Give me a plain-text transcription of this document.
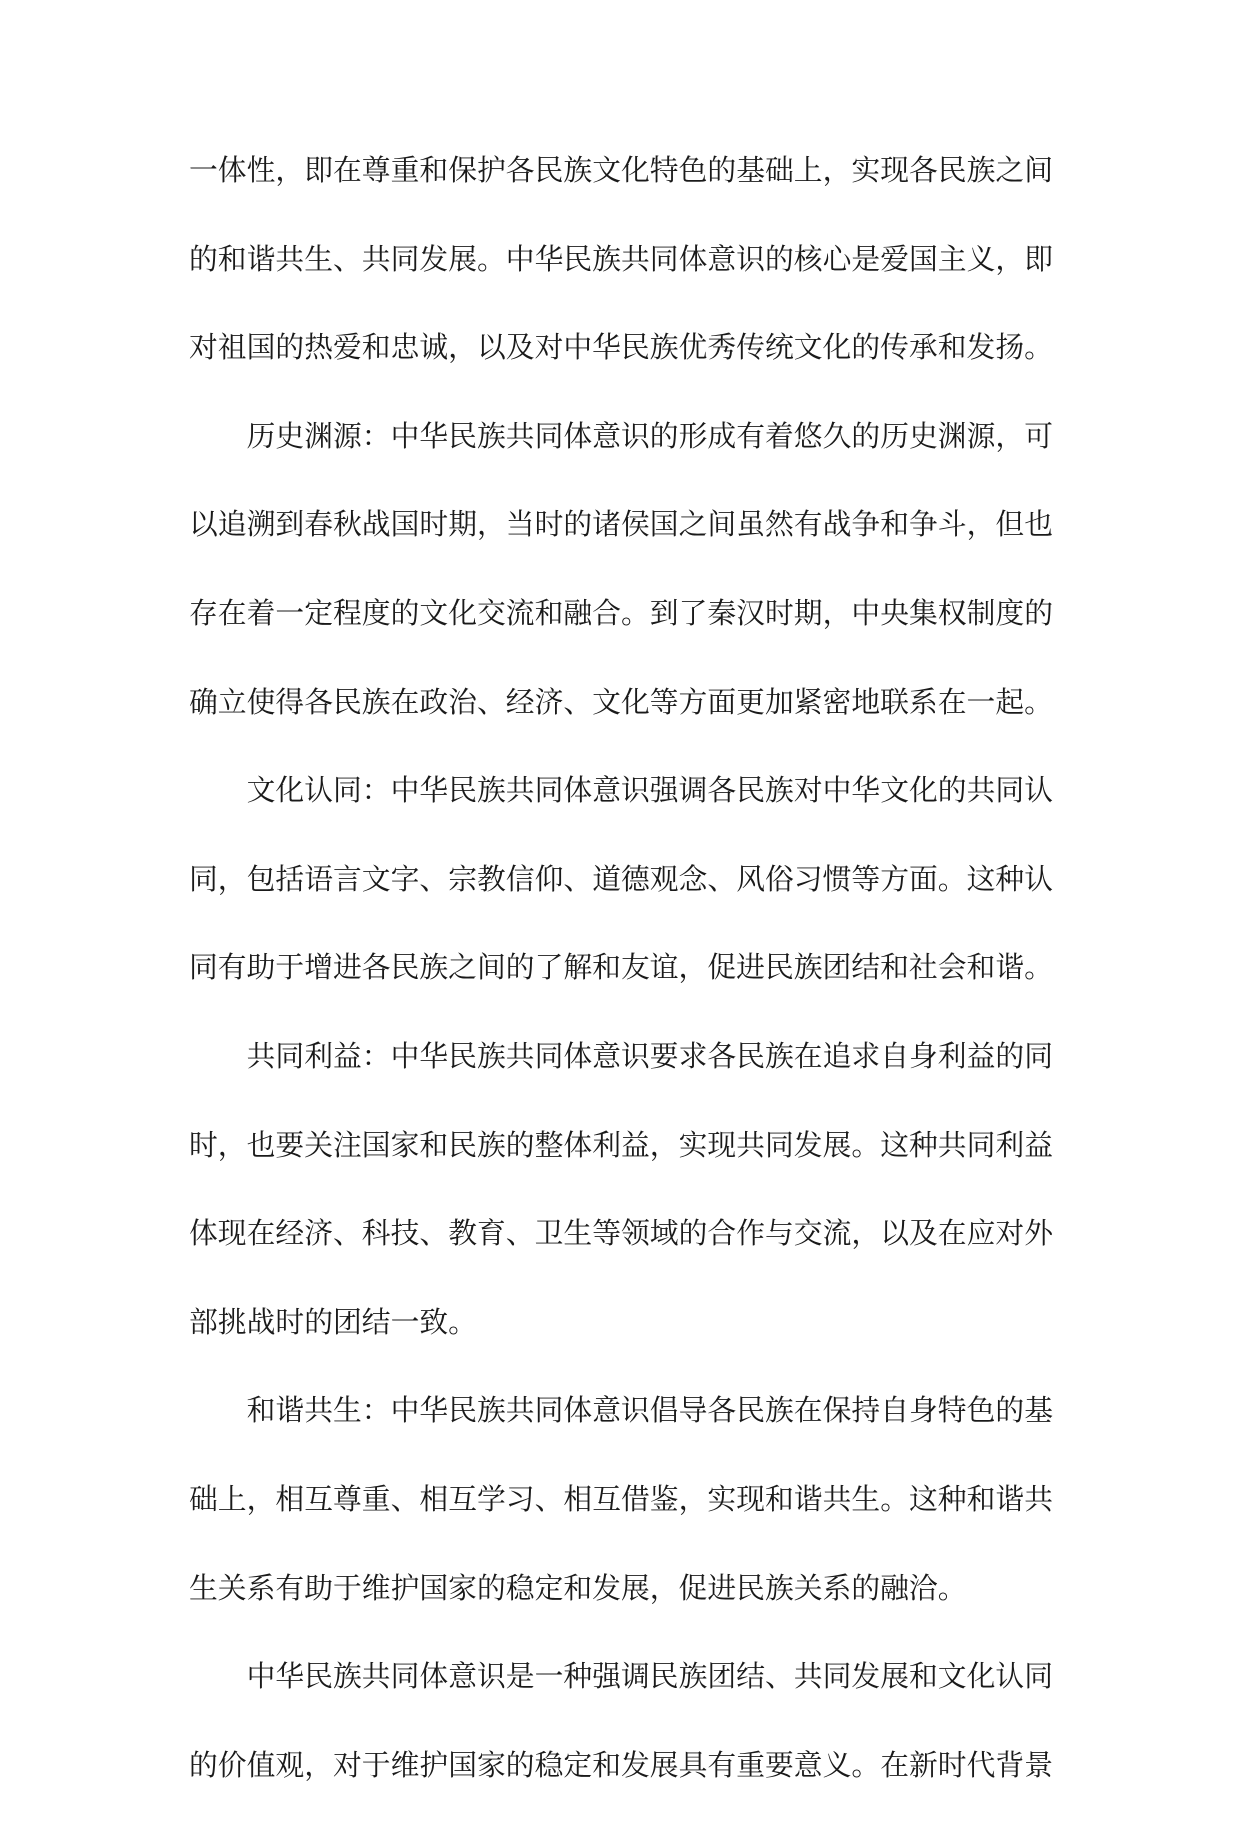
一体性，即在尊重和保护各民族文化特色的基础上，实现各民族之间
的和谐共生、共同发展。中华民族共同体意识的核心是爱国主义，即
对祖国的热爱和忠诚，以及对中华民族优秀传统文化的传承和发扬。
历史渊源：中华民族共同体意识的形成有着悠久的历史渊源，可
以追溯到春秋战国时期，当时的诸侯国之间虽然有战争和争斗，但也
存在着一定程度的文化交流和融合。到了秦汉时期，中央集权制度的
确立使得各民族在政治、经济、文化等方面更加紧密地联系在一起。
文化认同：中华民族共同体意识强调各民族对中华文化的共同认
同，包括语言文字、宗教信仰、道德观念、风俗习惯等方面。这种认
同有助于增进各民族之间的了解和友谊，促进民族团结和社会和谐。
共同利益：中华民族共同体意识要求各民族在追求自身利益的同
时，也要关注国家和民族的整体利益，实现共同发展。这种共同利益
体现在经济、科技、教育、卫生等领域的合作与交流，以及在应对外
部挑战时的团结一致。
和谐共生：中华民族共同体意识倡导各民族在保持自身特色的基
础上，相互尊重、相互学习、相互借鉴，实现和谐共生。这种和谐共
生关系有助于维护国家的稳定和发展，促进民族关系的融洽。
中华民族共同体意识是一种强调民族团结、共同发展和文化认同
的价值观，对于维护国家的稳定和发展具有重要意义。在新时代背景
